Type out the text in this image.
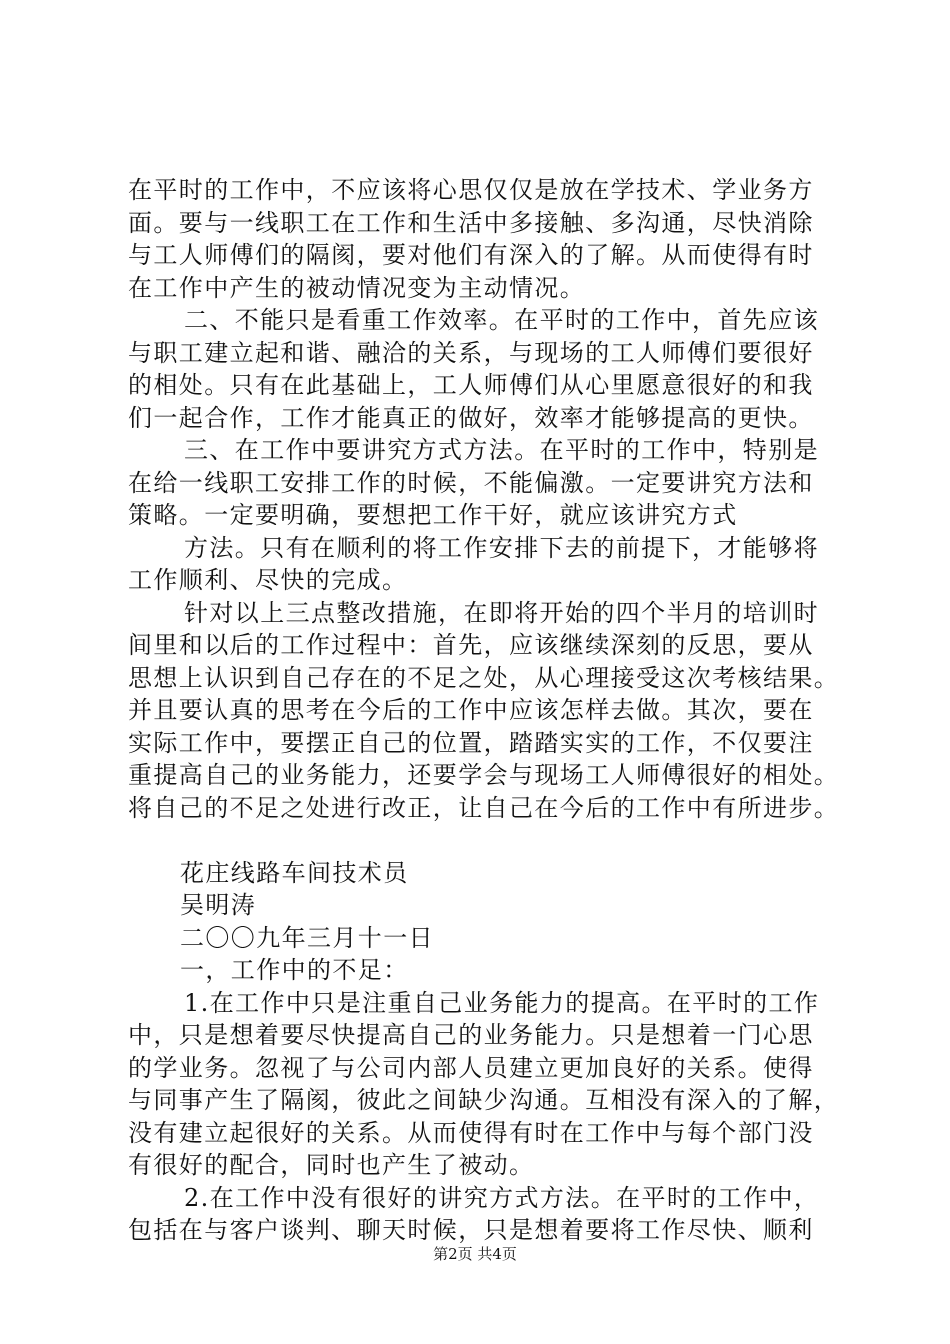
在平时的工作中，不应该将心思仅仅是放在学技术、学业务方
面。要与一线职工在工作和生活中多接触、多沟通，尽快消除
与工人师傅们的隔阂，要对他们有深入的了解。从而使得有时
在工作中产生的被动情况变为主动情况。
二、不能只是看重工作效率。在平时的工作中，首先应该
与职工建立起和谐、融洽的关系，与现场的工人师傅们要很好
的相处。只有在此基础上，工人师傅们从心里愿意很好的和我
们一起合作，工作才能真正的做好，效率才能够提高的更快。
三、在工作中要讲究方式方法。在平时的工作中，特别是
在给一线职工安排工作的时候，不能偏激。一定要讲究方法和
策略。一定要明确，要想把工作干好，就应该讲究方式
方法。只有在顺利的将工作安排下去的前提下，才能够将
工作顺利、尽快的完成。
针对以上三点整改措施，在即将开始的四个半月的培训时
间里和以后的工作过程中：首先，应该继续深刻的反思，要从
思想上认识到自己存在的不足之处，从心理接受这次考核结果。
并且要认真的思考在今后的工作中应该怎样去做。其次，要在
实际工作中，要摆正自己的位置，踏踏实实的工作，不仅要注
重提高自己的业务能力，还要学会与现场工人师傅很好的相处。
将自己的不足之处进行改正，让自己在今后的工作中有所进步。
花庄线路车间技术员
吴明涛
二〇〇九年三月十一日
一，工作中的不足：
1.在工作中只是注重自己业务能力的提高。在平时的工作
中，只是想着要尽快提高自己的业务能力。只是想着一门心思
的学业务。忽视了与公司内部人员建立更加良好的关系。使得
与同事产生了隔阂，彼此之间缺少沟通。互相没有深入的了解，
没有建立起很好的关系。从而使得有时在工作中与每个部门没
有很好的配合，同时也产生了被动。
2.在工作中没有很好的讲究方式方法。在平时的工作中，
包括在与客户谈判、聊天时候，只是想着要将工作尽快、顺利
第2页 共4页
